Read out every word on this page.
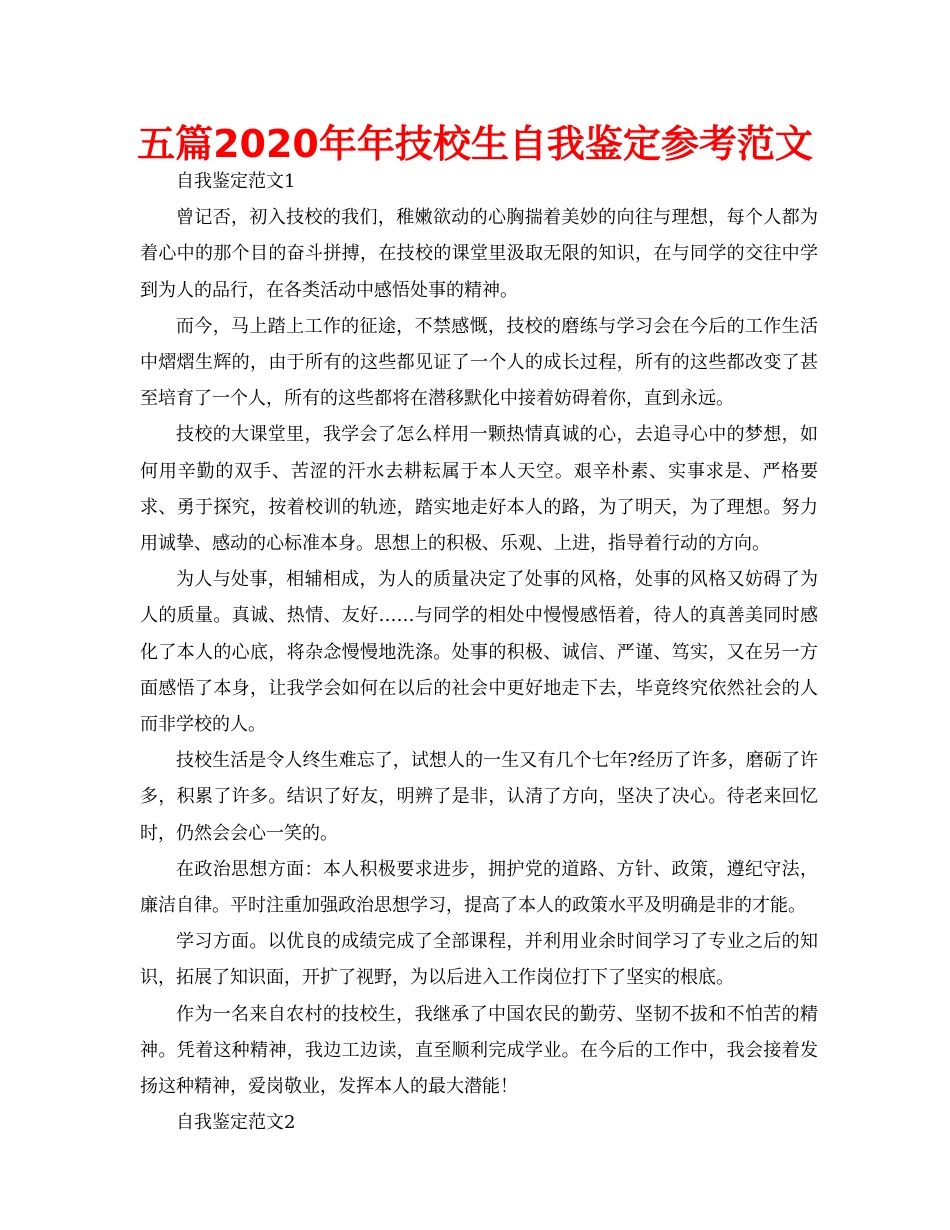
五篇2020年年技校生自我鉴定参考范文

自我鉴定范文1

曾记否，初入技校的我们，稚嫩欲动的心胸揣着美妙的向往与理想，每个人都为着心中的那个目的奋斗拼搏，在技校的课堂里汲取无限的知识，在与同学的交往中学到为人的品行，在各类活动中感悟处事的精神。

而今，马上踏上工作的征途，不禁感慨，技校的磨练与学习会在今后的工作生活中熠熠生辉的，由于所有的这些都见证了一个人的成长过程，所有的这些都改变了甚至培育了一个人，所有的这些都将在潜移默化中接着妨碍着你，直到永远。

技校的大课堂里，我学会了怎么样用一颗热情真诚的心，去追寻心中的梦想，如何用辛勤的双手、苦涩的汗水去耕耘属于本人天空。艰辛朴素、实事求是、严格要求、勇于探究，按着校训的轨迹，踏实地走好本人的路，为了明天，为了理想。努力用诚挚、感动的心标准本身。思想上的积极、乐观、上进，指导着行动的方向。

为人与处事，相辅相成，为人的质量决定了处事的风格，处事的风格又妨碍了为人的质量。真诚、热情、友好……与同学的相处中慢慢感悟着，待人的真善美同时感化了本人的心底，将杂念慢慢地洗涤。处事的积极、诚信、严谨、笃实，又在另一方面感悟了本身，让我学会如何在以后的社会中更好地走下去，毕竟终究依然社会的人而非学校的人。

技校生活是令人终生难忘了，试想人的一生又有几个七年?经历了许多，磨砺了许多，积累了许多。结识了好友，明辨了是非，认清了方向，坚决了决心。待老来回忆时，仍然会会心一笑的。

在政治思想方面：本人积极要求进步，拥护党的道路、方针、政策，遵纪守法，廉洁自律。平时注重加强政治思想学习，提高了本人的政策水平及明确是非的才能。

学习方面。以优良的成绩完成了全部课程，并利用业余时间学习了专业之后的知识，拓展了知识面，开扩了视野，为以后进入工作岗位打下了坚实的根底。

作为一名来自农村的技校生，我继承了中国农民的勤劳、坚韧不拔和不怕苦的精神。凭着这种精神，我边工边读，直至顺利完成学业。在今后的工作中，我会接着发扬这种精神，爱岗敬业，发挥本人的最大潜能！

自我鉴定范文2
